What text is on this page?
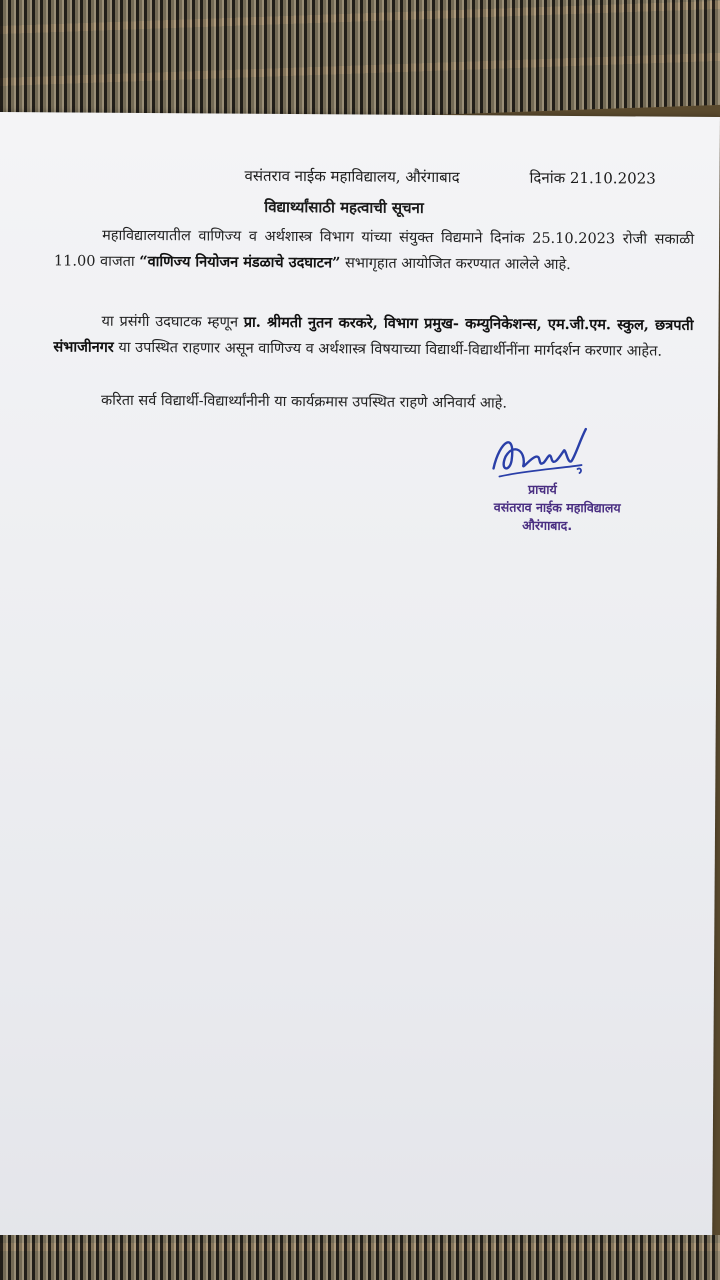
वसंतराव नाईक महाविद्यालय, औरंगाबाद	दिनांक 21.10.2023
विद्यार्थ्यांसाठी महत्वाची सूचना
महाविद्यालयातील वाणिज्य व अर्थशास्त्र विभाग यांच्या संयुक्त विद्यमाने दिनांक 25.10.2023 रोजी सकाळी 11.00 वाजता “वाणिज्य नियोजन मंडळाचे उदघाटन” सभागृहात आयोजित करण्यात आलेले आहे.
या प्रसंगी उदघाटक म्हणून प्रा. श्रीमती नुतन करकरे, विभाग प्रमुख- कम्युनिकेशन्स, एम.जी.एम. स्कुल, छत्रपती संभाजीनगर या उपस्थित राहणार असून वाणिज्य व अर्थशास्त्र विषयाच्या विद्यार्थी-विद्यार्थीनींना मार्गदर्शन करणार आहेत.
करिता सर्व विद्यार्थी-विद्यार्थ्यांनीनी या कार्यक्रमास उपस्थित राहणे अनिवार्य आहे.
प्राचार्य
वसंतराव नाईक महाविद्यालय
औरंगाबाद.
